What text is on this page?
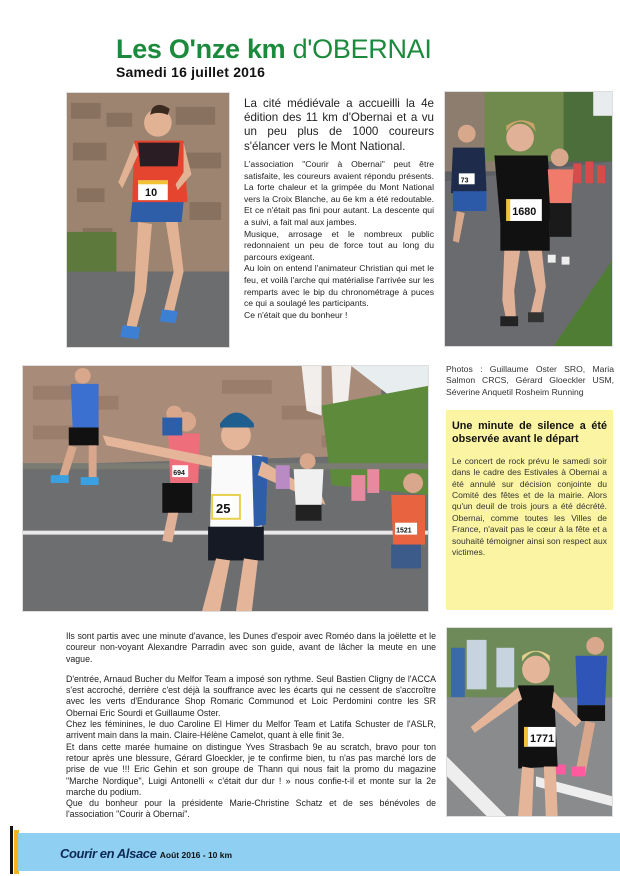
Les O'nze km d'OBERNAI
Samedi 16 juillet 2016
10
La cité médiévale a accueilli la 4e édition des 11 km d'Obernai et a vu un peu plus de 1000 coureurs s'élancer vers le Mont National.

L'association "Courir à Obernai" peut être satisfaite, les coureurs avaient répondu présents. La forte chaleur et la grimpée du Mont National vers la Croix Blanche, au 6e km a été redoutable. Et ce n'était pas fini pour autant. La descente qui a suivi, a fait mal aux jambes.

Musique, arrosage et le nombreux public redonnaient un peu de force tout au long du parcours exigeant.

Au loin on entend l'animateur Christian qui met le feu, et voilà l'arche qui matérialise l'arrivée sur les remparts avec le bip du chronométrage à puces ce qui a soulagé les participants.

Ce n'était que du bonheur !

73
1680
694
25
1521
Photos : Guillaume Oster SRO, Maria Salmon CRCS, Gérard Gloeckler USM, Séverine Anquetil Rosheim Running
Une minute de silence a été observée avant le départ

Le concert de rock prévu le samedi soir dans le cadre des Estivales à Obernai a été annulé sur décision conjointe du Comité des fêtes et de la mairie. Alors qu'un deuil de trois jours a été décrété. Obernai, comme toutes les Villes de France, n'avait pas le cœur à la fête et a souhaité témoigner ainsi son respect aux victimes.

Ils sont partis avec une minute d'avance, les Dunes d'espoir avec Roméo dans la joëlette et le coureur non-voyant Alexandre Parradin avec son guide, avant de lâcher la meute en une vague.

D'entrée, Arnaud Bucher du Melfor Team a imposé son rythme. Seul Bastien Cligny de l'ACCA s'est accroché, derrière c'est déjà la souffrance avec les écarts qui ne cessent de s'accroître avec les verts d'Endurance Shop Romaric Communod et Loic Perdomini contre les SR Obernai Eric Sourdi et Guillaume Oster.

Chez les féminines, le duo Caroline El Himer du Melfor Team et Latifa Schuster de l'ASLR, arrivent main dans la main. Claire-Hélène Camelot, quant à elle finit 3e.

Et dans cette marée humaine on distingue Yves Strasbach 9e au scratch, bravo pour ton retour après une blessure, Gérard Gloeckler, je te confirme bien, tu n'as pas marché lors de prise de vue !!! Eric Gehin et son groupe de Thann qui nous fait la promo du magazine "Marche Nordique", Luigi Antonelli « c'était dur dur ! » nous confie-t-il et monte sur la 2e marche du podium.

Que du bonheur pour la présidente Marie-Christine Schatz et de ses bénévoles de l'association "Courir à Obernai".

1771
Courir en Alsace Août 2016 - 10 km
